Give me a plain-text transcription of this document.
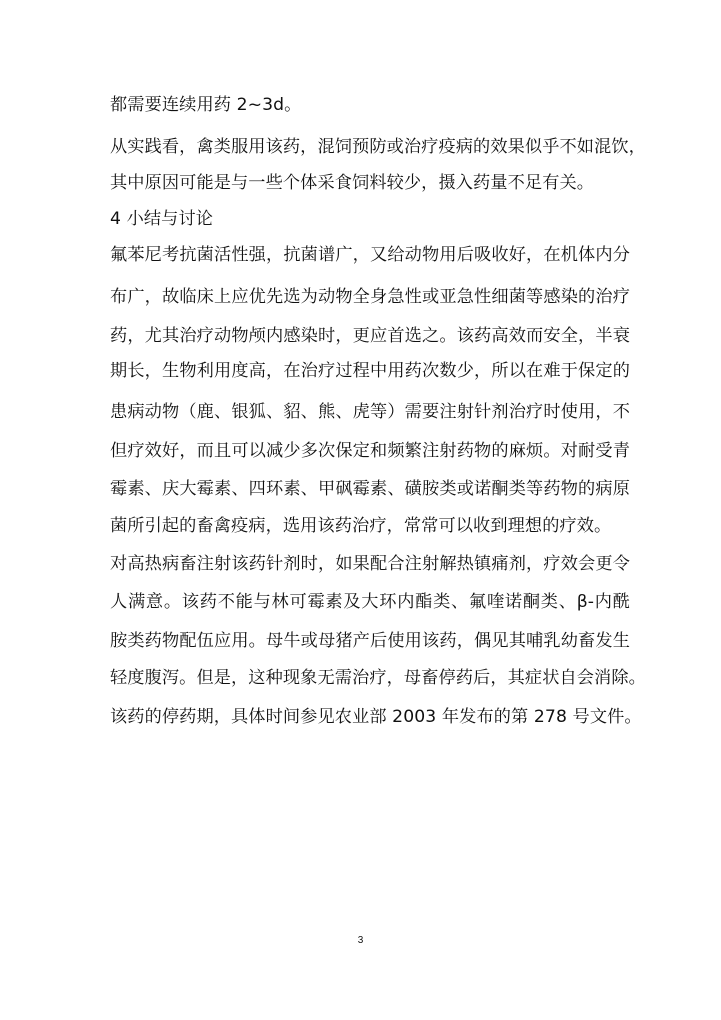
都需要连续用药 2~3d。
从实践看，禽类服用该药，混饲预防或治疗疫病的效果似乎不如混饮，
其中原因可能是与一些个体采食饲料较少，摄入药量不足有关。
4 小结与讨论
氟苯尼考抗菌活性强，抗菌谱广，又给动物用后吸收好，在机体内分
布广，故临床上应优先选为动物全身急性或亚急性细菌等感染的治疗
药，尤其治疗动物颅内感染时，更应首选之。该药高效而安全，半衰
期长，生物利用度高，在治疗过程中用药次数少，所以在难于保定的
患病动物（鹿、银狐、貂、熊、虎等）需要注射针剂治疗时使用，不
但疗效好，而且可以减少多次保定和频繁注射药物的麻烦。对耐受青
霉素、庆大霉素、四环素、甲砜霉素、磺胺类或诺酮类等药物的病原
菌所引起的畜禽疫病，选用该药治疗，常常可以收到理想的疗效。
对高热病畜注射该药针剂时，如果配合注射解热镇痛剂，疗效会更令
人满意。该药不能与林可霉素及大环内酯类、氟喹诺酮类、β-内酰
胺类药物配伍应用。母牛或母猪产后使用该药，偶见其哺乳幼畜发生
轻度腹泻。但是，这种现象无需治疗，母畜停药后，其症状自会消除。
该药的停药期，具体时间参见农业部 2003 年发布的第 278 号文件。
3
